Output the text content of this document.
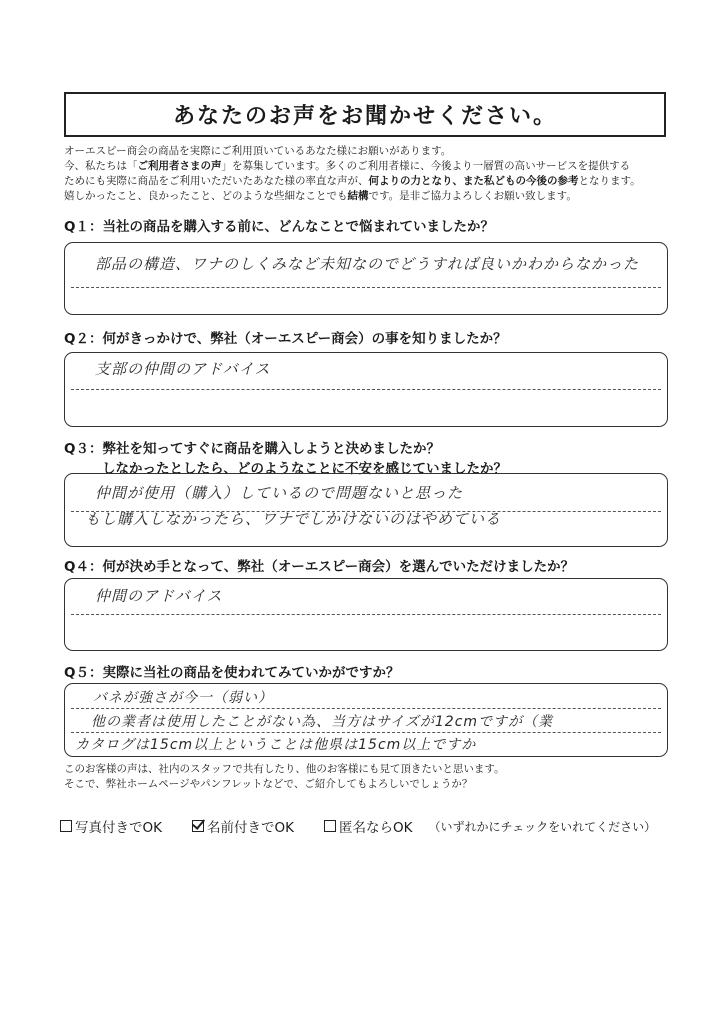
あなたのお声をお聞かせください。

オーエスピー商会の商品を実際にご利用頂いているあなた様にお願いがあります。

今、私たちは「ご利用者さまの声」を募集しています。多くのご利用者様に、今後より一層質の高いサービスを提供する

ためにも実際に商品をご利用いただいたあなた様の率直な声が、何よりの力となり、また私どもの今後の参考となります。

嬉しかったこと、良かったこと、どのような些細なことでも結構です。是非ご協力よろしくお願い致します。

Q１：当社の商品を購入する前に、どんなことで悩まれていましたか？
部品の構造、ワナのしくみなど未知なのでどうすれば良いかわからなかった
Q２：何がきっかけで、弊社（オーエスピー商会）の事を知りましたか？
支部の仲間のアドバイス
Q３：弊社を知ってすぐに商品を購入しようと決めましたか？
しなかったとしたら、どのようなことに不安を感じていましたか？
仲間が使用（購入）しているので問題ないと思った
もし購入しなかったら、ワナでしかけないのはやめている
Q４：何が決め手となって、弊社（オーエスピー商会）を選んでいただけましたか？
仲間のアドバイス
Q５：実際に当社の商品を使われてみていかがですか？
バネが強さが今一（弱い）
他の業者は使用したことがない為、当方はサイズが12cmですが（業
カタログは15cm以上ということは他県は15cm以上ですか

このお客様の声は、社内のスタッフで共有したり、他のお客様にも見て頂きたいと思います。

そこで、弊社ホームページやパンフレットなどで、ご紹介してもよろしいでしょうか？

写真付きでOK	名前付きでOK	匿名ならOK （いずれかにチェックをいれてください）
